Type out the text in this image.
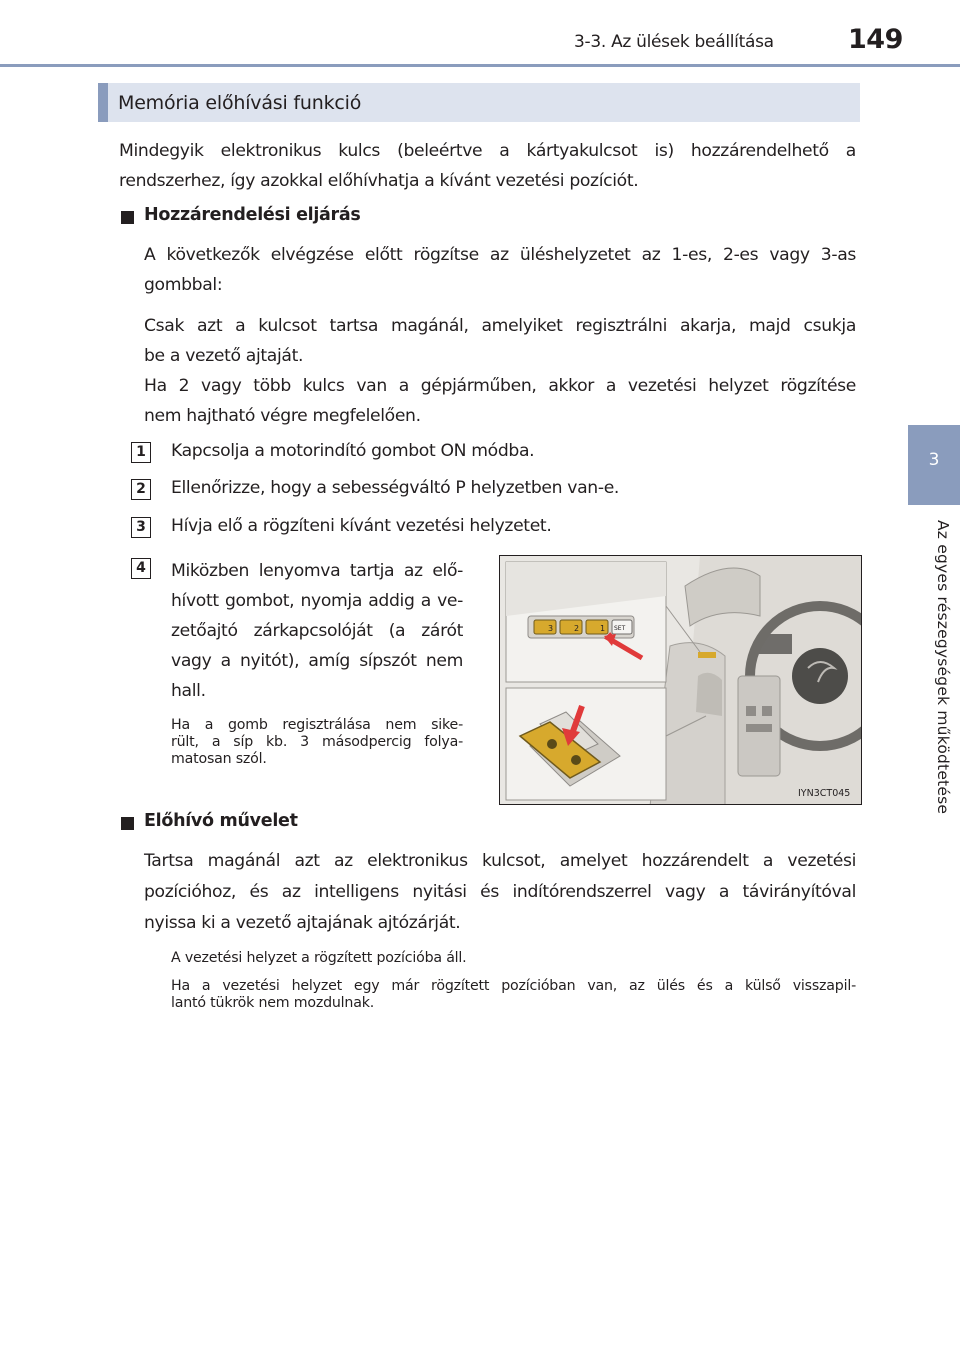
3-3. Az ülések beállítása	149
3
Az egyes részegységek működtetése
Memória előhívási funkció
Mindegyik elektronikus kulcs (beleértve a kártyakulcsot is) hozzárendelhető a
rendszerhez, így azokkal előhívhatja a kívánt vezetési pozíciót.
Hozzárendelési eljárás
A következők elvégzése előtt rögzítse az üléshelyzetet az 1-es, 2-es vagy 3-as
gombbal:
Csak azt a kulcsot tartsa magánál, amelyiket regisztrálni akarja, majd csukja
be a vezető ajtaját.
Ha 2 vagy több kulcs van a gépjárműben, akkor a vezetési helyzet rögzítése
nem hajtható végre megfelelően.
1 Kapcsolja a motorindító gombot ON módba.
2 Ellenőrizze, hogy a sebességváltó P helyzetben van-e.
3 Hívja elő a rögzíteni kívánt vezetési helyzetet.
4 Miközben lenyomva tartja az elő-
hívott gombot, nyomja addig a ve-
zetőajtó zárkapcsolóját (a zárót
vagy a nyitót), amíg sípszót nem
hall.
Ha a gomb regisztrálása nem sike-
rült, a síp kb. 3 másodpercig folya-
matosan szól.
3	2	1 SET
IYN3CT045
Előhívó művelet
Tartsa magánál azt az elektronikus kulcsot, amelyet hozzárendelt a vezetési
pozícióhoz, és az intelligens nyitási és indítórendszerrel vagy a távirányítóval
nyissa ki a vezető ajtajának ajtózárját.
A vezetési helyzet a rögzített pozícióba áll.
Ha a vezetési helyzet egy már rögzített pozícióban van, az ülés és a külső visszapil-
lantó tükrök nem mozdulnak.
